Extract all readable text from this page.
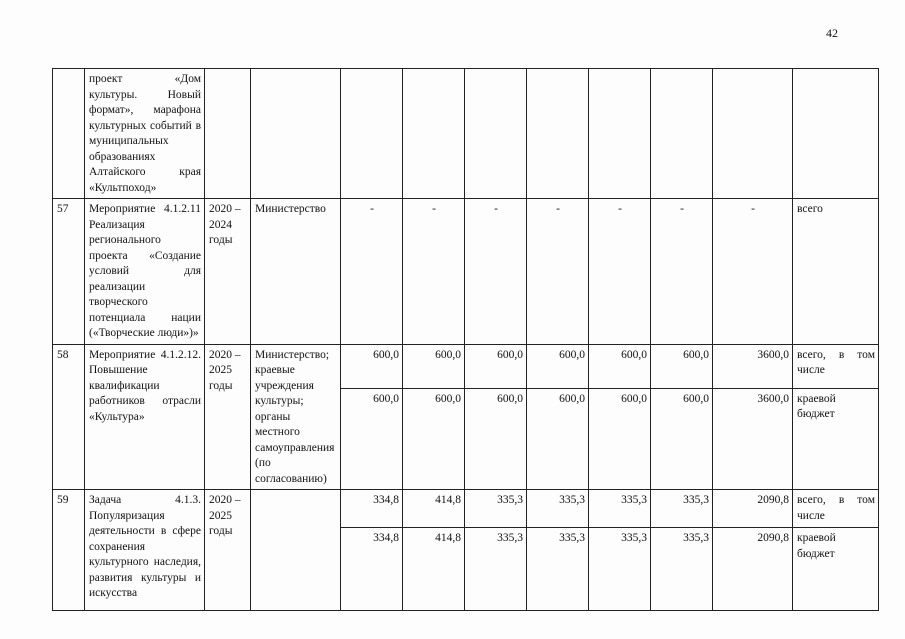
42
	проект «Дом культуры. Новый формат», марафона культурных событий в муниципальных образованиях Алтайского края «Культпоход»										
57	Мероприятие 4.1.2.11 Реализация регионального проекта «Создание условий для реализации творческого потенциала нации («Творческие люди»)»	2020 – 2024 годы	Министерство	-	-	-	-	-	-	-	всего
58	Мероприятие 4.1.2.12. Повышение квалификации работников отрасли «Культура»	2020 – 2025 годы	Министерство; краевые учреждения культуры; органы местного самоуправления (по согласованию)	600,0	600,0	600,0	600,0	600,0	600,0	3600,0	всего, в том числе
				600,0	600,0	600,0	600,0	600,0	600,0	3600,0	краевой бюджет
59	Задача 4.1.3. Популяризация деятельности в сфере сохранения культурного наследия, развития культуры и искусства	2020 – 2025 годы		334,8	414,8	335,3	335,3	335,3	335,3	2090,8	всего, в том числе
				334,8	414,8	335,3	335,3	335,3	335,3	2090,8	краевой бюджет
